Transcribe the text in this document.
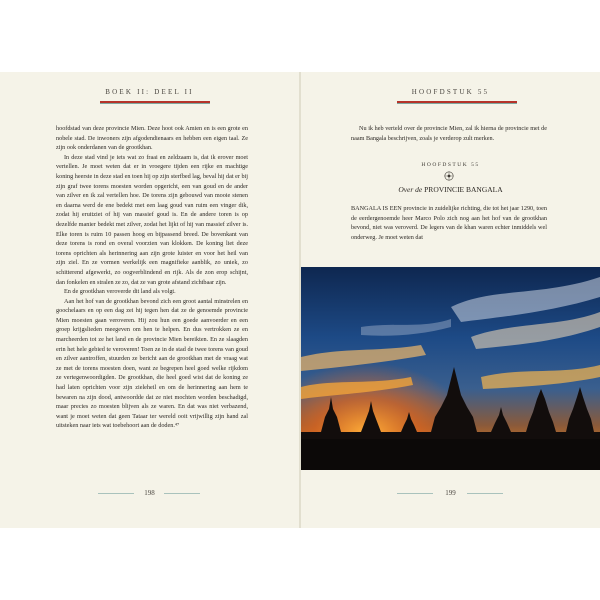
BOEK II: DEEL II

hoofdstad van deze provincie Mien. Deze hoot ook Amien en is een grote en nobele stad. De inwoners zijn afgodendienaars en hebben een eigen taal. Ze zijn ook onderdanen van de grootkhan.

In deze stad vind je iets wat zo fraai en zeldzaam is, dat ik erover moet vertellen. Je moet weten dat er in vroegere tijden een rijke en machtige koning heerste in deze stad en toen hij op zijn sterfbed lag, beval hij dat er bij zijn graf twee torens moesten worden opgericht, een van goud en de ander van zilver en ik zal vertellen hoe. De torens zijn gebouwd van mooie stenen en daarna werd de ene bedekt met een laag goud van ruim een vinger dik, zodat hij eruitziet of hij van massief goud is. En de andere toren is op dezelfde manier bedekt met zilver, zodat het lijkt of hij van massief zilver is. Elke toren is ruim 10 passen hoog en bijpassend breed. De bovenkant van deze torens is rond en overal voorzien van klokken. De koning liet deze torens oprichten als herinnering aan zijn grote luister en voor het heil van zijn ziel. En ze vormen werkelijk een magnifieke aanblik, zo uniek, zo schitterend afgewerkt, zo oogverblindend en rijk. Als de zon erop schijnt, dan fonkelen en stralen ze zo, dat ze van grote afstand zichtbaar zijn.

En de grootkhan veroverde dit land als volgt.

Aan het hof van de grootkhan bevond zich een groot aantal minstrelen en goochelaars en op een dag zei hij tegen hen dat ze de genoemde provincie Mien moesten gaan veroveren. Hij zou hun een goede aanvoerder en een groep krijgslieden meegeven om hen te helpen. En dus vertrokken ze en marcheerden tot ze het land en de provincie Mien bereikten. En ze slaagden erin het hele gebied te veroveren! Toen ze in de stad de twee torens van goud en zilver aantroffen, stuurden ze bericht aan de grootkhan met de vraag wat ze met de torens moesten doen, want ze begrepen heel goed welke rijkdom ze vertegenwoordigden. De grootkhan, die heel goed wist dat de koning ze had laten oprichten voor zijn zieleheil en om de herinnering aan hem te bewaren na zijn dood, antwoordde dat ze niet mochten worden beschadigd, maar precies zo moesten blijven als ze waren. En dat was niet verbazend, want je moet weten dat geen Tataar ter wereld ooit vrijwillig zijn hand zal uitsteken naar iets wat toebehoort aan de doden.⁴⁷

198
HOOFDSTUK 55

Nu ik heb verteld over de provincie Mien, zal ik hierna de provincie met de naam Bangala beschrijven, zoals je verderop zult merken.

HOOFDSTUK 55
Over de PROVINCIE BANGALA

BANGALA IS EEN provincie in zuidelijke richting, die tot het jaar 1290, toen de eerdergenoemde heer Marco Polo zich nog aan het hof van de grootkhan bevond, niet was veroverd. De legers van de khan waren echter inmiddels wel onderweg. Je moet weten dat

199
